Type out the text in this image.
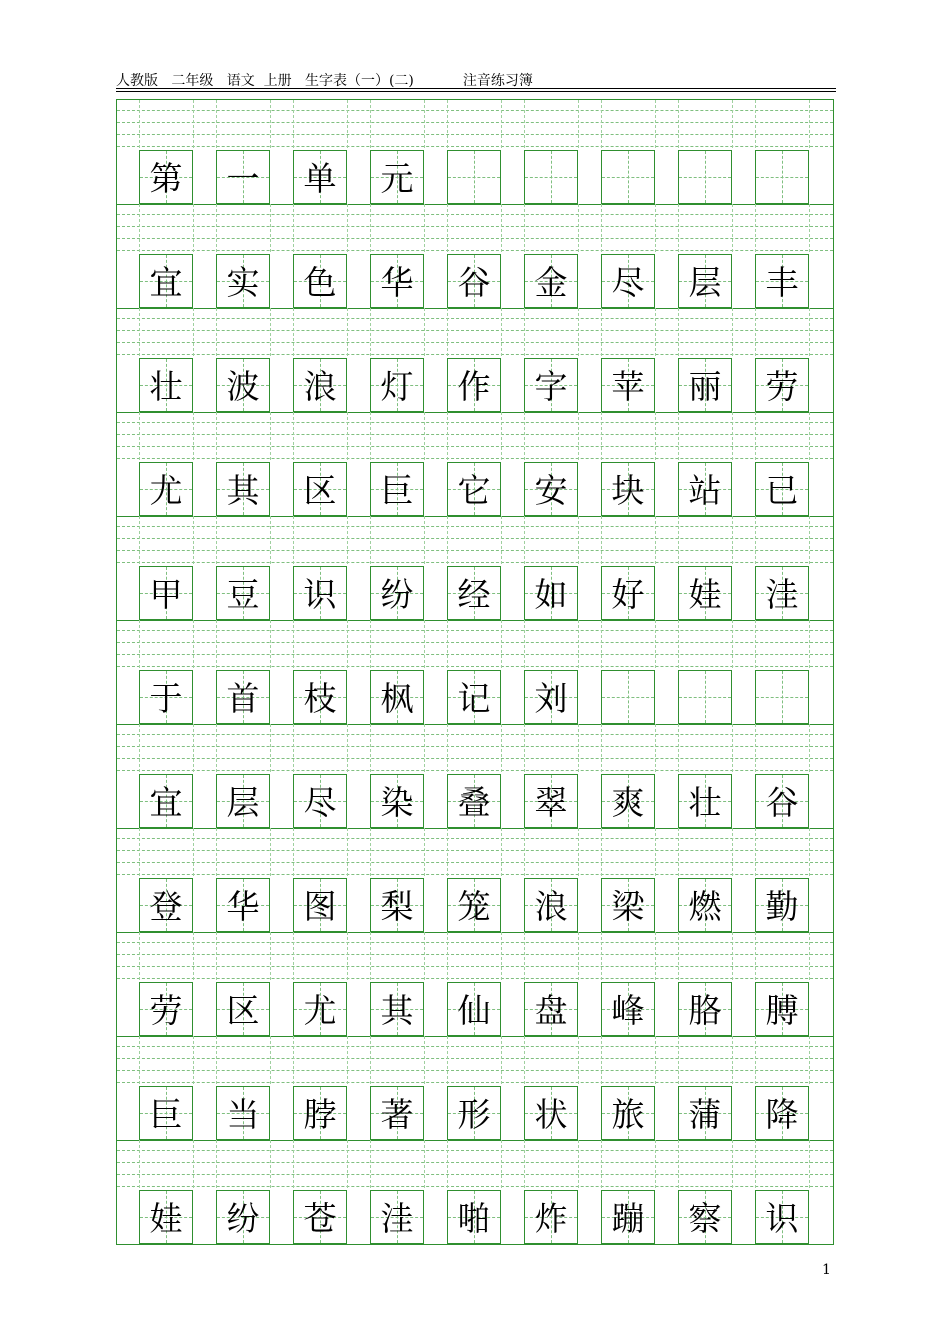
人教版   二年级   语文  上册   生字表（一）(二)           注音练习簿
第 一 单 元
宜 实 色 华 谷 金 尽 层 丰
壮 波 浪 灯 作 字 苹 丽 劳
尤 其 区 巨 它 安 块 站 已
甲 豆 识 纷 经 如 好 娃 洼
于 首 枝 枫 记 刘
宜 层 尽 染 叠 翠 爽 壮 谷
登 华 图 梨 笼 浪 梁 燃 勤
劳 区 尤 其 仙 盘 峰 胳 膊
巨 当 脖 著 形 状 旅 蒲 降
娃 纷 苍 洼 啪 炸 蹦 察 识
1
